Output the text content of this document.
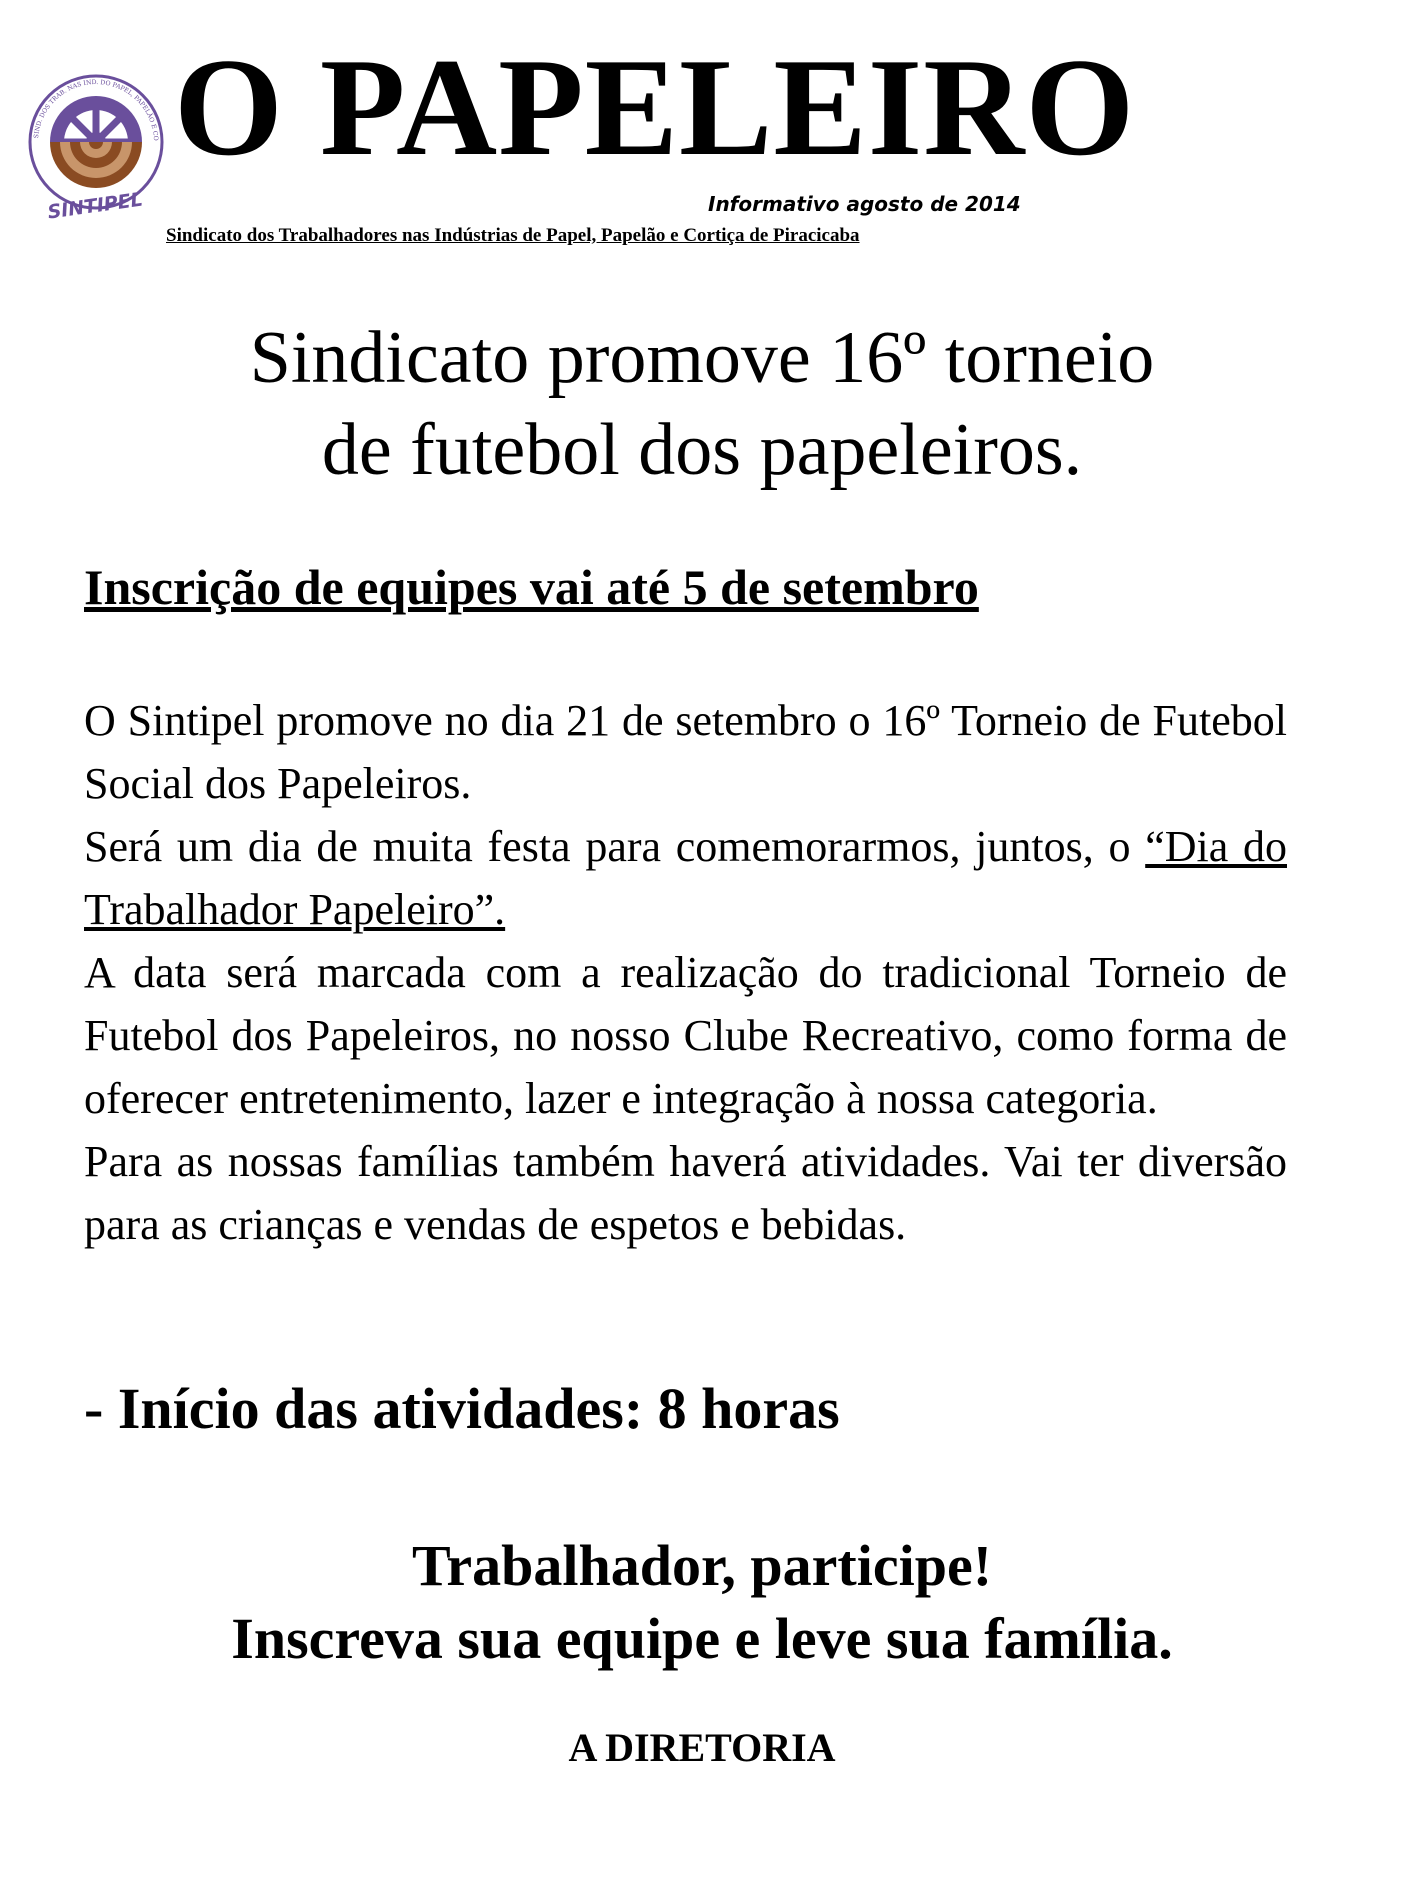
SIND. DOS TRAB. NAS IND. DO PAPEL, PAPELÃO E CO
SINTIPEL
O PAPELEIRO
Informativo agosto de 2014
Sindicato dos Trabalhadores nas Indústrias de Papel, Papelão e Cortiça de Piracicaba
Sindicato promove 16º torneio
de futebol dos papeleiros.
Inscrição de equipes vai até 5 de setembro

O Sintipel promove no dia 21 de setembro o 16º Torneio de Futebol Social dos Papeleiros.

Será um dia de muita festa para comemorarmos, juntos, o “Dia do Trabalhador Papeleiro”.

A data será marcada com a realização do tradicional Torneio de Futebol dos Papeleiros, no nosso Clube Recreativo, como forma de oferecer entretenimento, lazer e integração à nossa categoria.

Para as nossas famílias também haverá atividades. Vai ter diversão para as crianças e vendas de espetos e bebidas.

- Início das atividades: 8 horas
Trabalhador, participe!
Inscreva sua equipe e leve sua família.
A DIRETORIA
